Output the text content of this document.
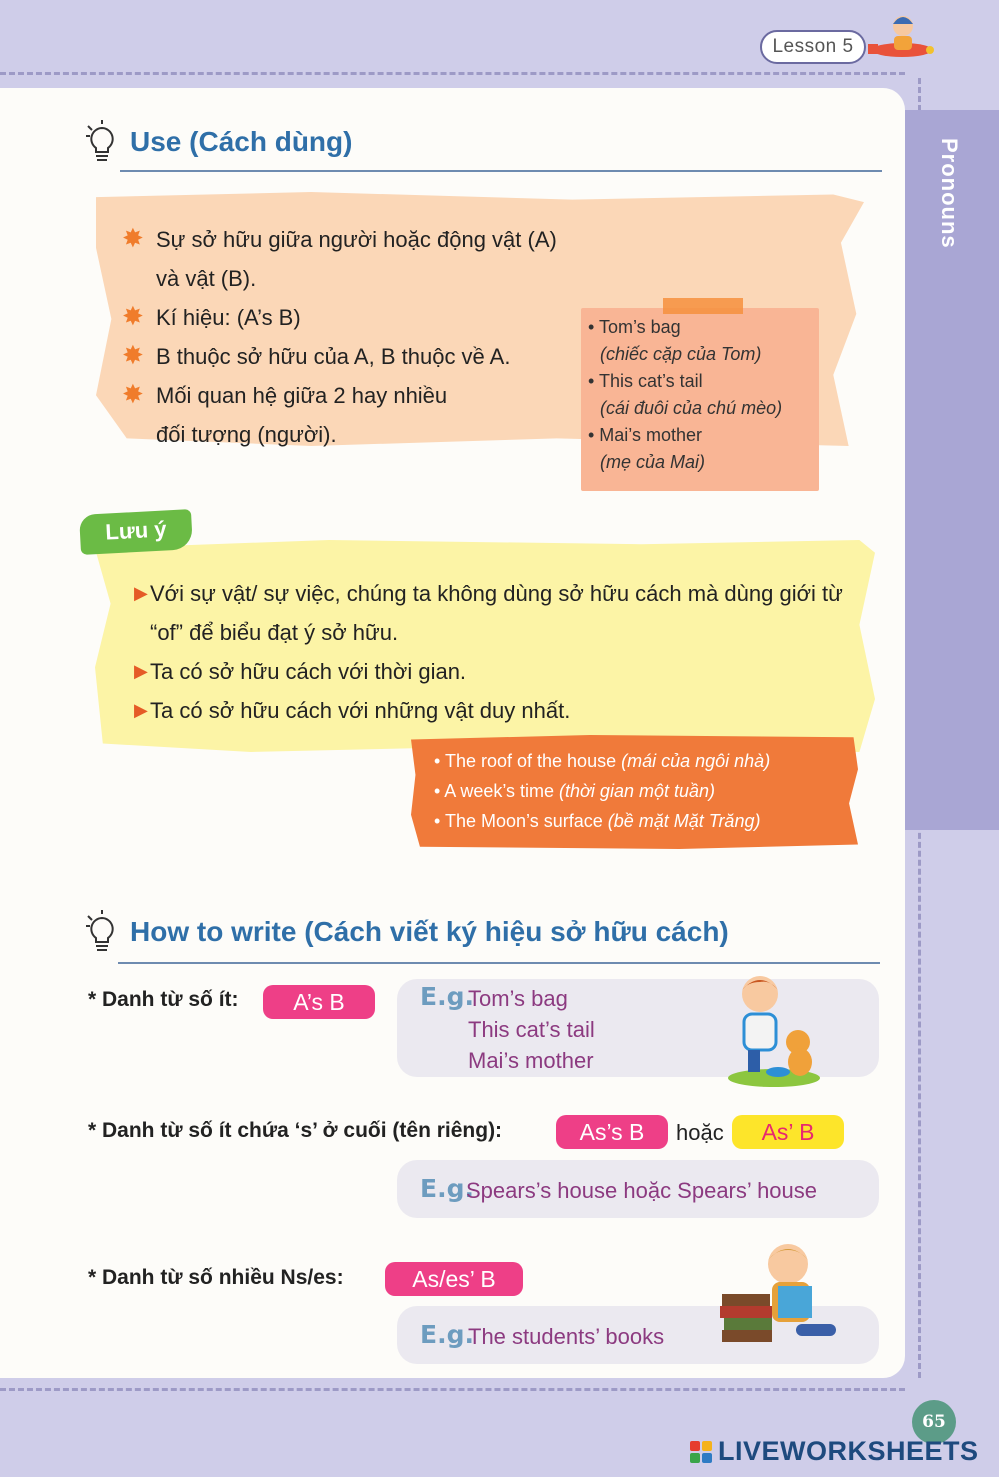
Lesson 5
Pronouns
Use (Cách dùng)
✸ Sự sở hữu giữa người hoặc động vật (A) và vật (B).
✸ Kí hiệu: (A’s B)
✸ B thuộc sở hữu của A, B thuộc về A.
✸ Mối quan hệ giữa 2 hay nhiều đối tượng (người).
• Tom’s bag
(chiếc cặp của Tom)
• This cat’s tail
(cái đuôi của chú mèo)
• Mai’s mother
(mẹ của Mai)
Lưu ý
▶ Với sự vật/ sự việc, chúng ta không dùng sở hữu cách mà dùng giới từ “of” để biểu đạt ý sở hữu.
▶ Ta có sở hữu cách với thời gian.
▶ Ta có sở hữu cách với những vật duy nhất.
• The roof of the house (mái của ngôi nhà)
• A week’s time (thời gian một tuần)
• The Moon’s surface (bề mặt Mặt Trăng)
How to write (Cách viết ký hiệu sở hữu cách)
* Danh từ số ít:	A’s B	E.g.
Tom’s bag
This cat’s tail
Mai’s mother
* Danh từ số ít chứa ‘s’ ở cuối (tên riêng):	As’s B	hoặc	As’ B
E.g.
Spears’s house hoặc Spears’ house
* Danh từ số nhiều Ns/es:	As/es’ B
E.g.
The students’ books
65
LIVEWORKSHEETS
